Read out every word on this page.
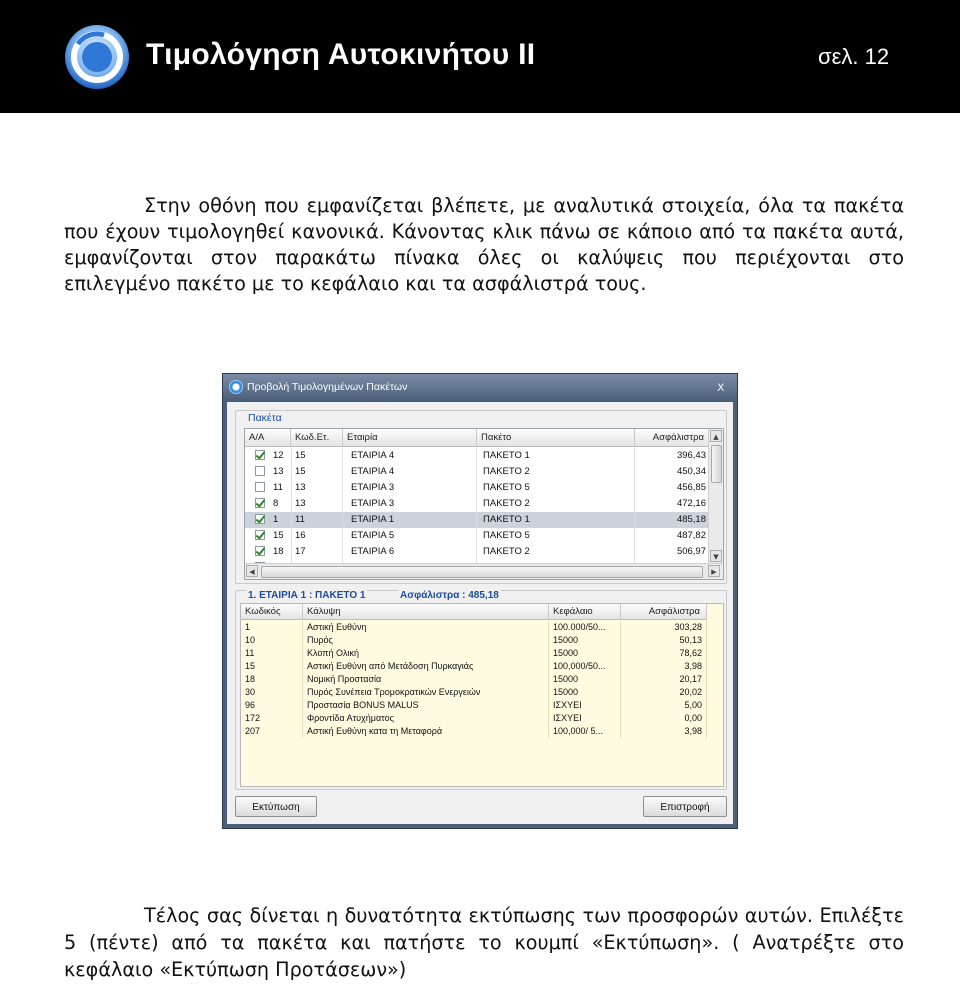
Τιμολόγηση Αυτοκινήτου ΙΙ	σελ. 12

Στην οθόνη που εμφανίζεται βλέπετε, με αναλυτικά στοιχεία, όλα τα πακέτα που έχουν τιμολογηθεί κανονικά. Κάνοντας κλικ πάνω σε κάποιο από τα πακέτα αυτά, εμφανίζονται στον παρακάτω πίνακα όλες οι καλύψεις που περιέχονται στο επιλεγμένο πακέτο με το κεφάλαιο και τα ασφάλιστρά τους.

Προβολή Τιμολογημένων Πακέτων	x
Πακέτα
Α/Α	Κωδ.Ετ.	Εταιρία	Πακέτο	Ασφάλιστρα
12	15	ΕΤΑΙΡΙΑ 4	ΠΑΚΕΤΟ 1	396,43
13	15	ΕΤΑΙΡΙΑ 4	ΠΑΚΕΤΟ 2	450,34
11	13	ΕΤΑΙΡΙΑ 3	ΠΑΚΕΤΟ 5	456,85
8	13	ΕΤΑΙΡΙΑ 3	ΠΑΚΕΤΟ 2	472,16
1	11	ΕΤΑΙΡΙΑ 1	ΠΑΚΕΤΟ 1	485,18
15	16	ΕΤΑΙΡΙΑ 5	ΠΑΚΕΤΟ 5	487,82
18	17	ΕΤΑΙΡΙΑ 6	ΠΑΚΕΤΟ 2	506,97
▲
▼
◀	▶
1. ΕΤΑΙΡΙΑ 1 : ΠΑΚΕΤΟ 1	Ασφάλιστρα : 485,18
Κωδικός	Κάλυψη	Κεφάλαιο	Ασφάλιστρα
1	Αστική Ευθύνη	100.000/50...	303,28
10	Πυρός	15000	50,13
11	Κλοπή Ολική	15000	78,62
15	Αστική Ευθύνη από Μετάδοση Πυρκαγιάς	100,000/50...	3,98
18	Νομική Προστασία	15000	20,17
30	Πυρός Συνέπεια Τρομοκρατικών Ενεργειών	15000	20,02
96	Προστασία BONUS MALUS	ΙΣΧΥΕΙ	5,00
172	Φροντίδα Ατυχήματος	ΙΣΧΥΕΙ	0,00
207	Αστική Ευθύνη κατα τη Μεταφορά	100,000/ 5...	3,98
Εκτύπωση	Επιστροφή

Τέλος σας δίνεται η δυνατότητα εκτύπωσης των προσφορών αυτών. Επιλέξτε 5 (πέντε) από τα πακέτα και πατήστε το κουμπί «Εκτύπωση». ( Ανατρέξτε στο κεφάλαιο «Εκτύπωση Προτάσεων»)
